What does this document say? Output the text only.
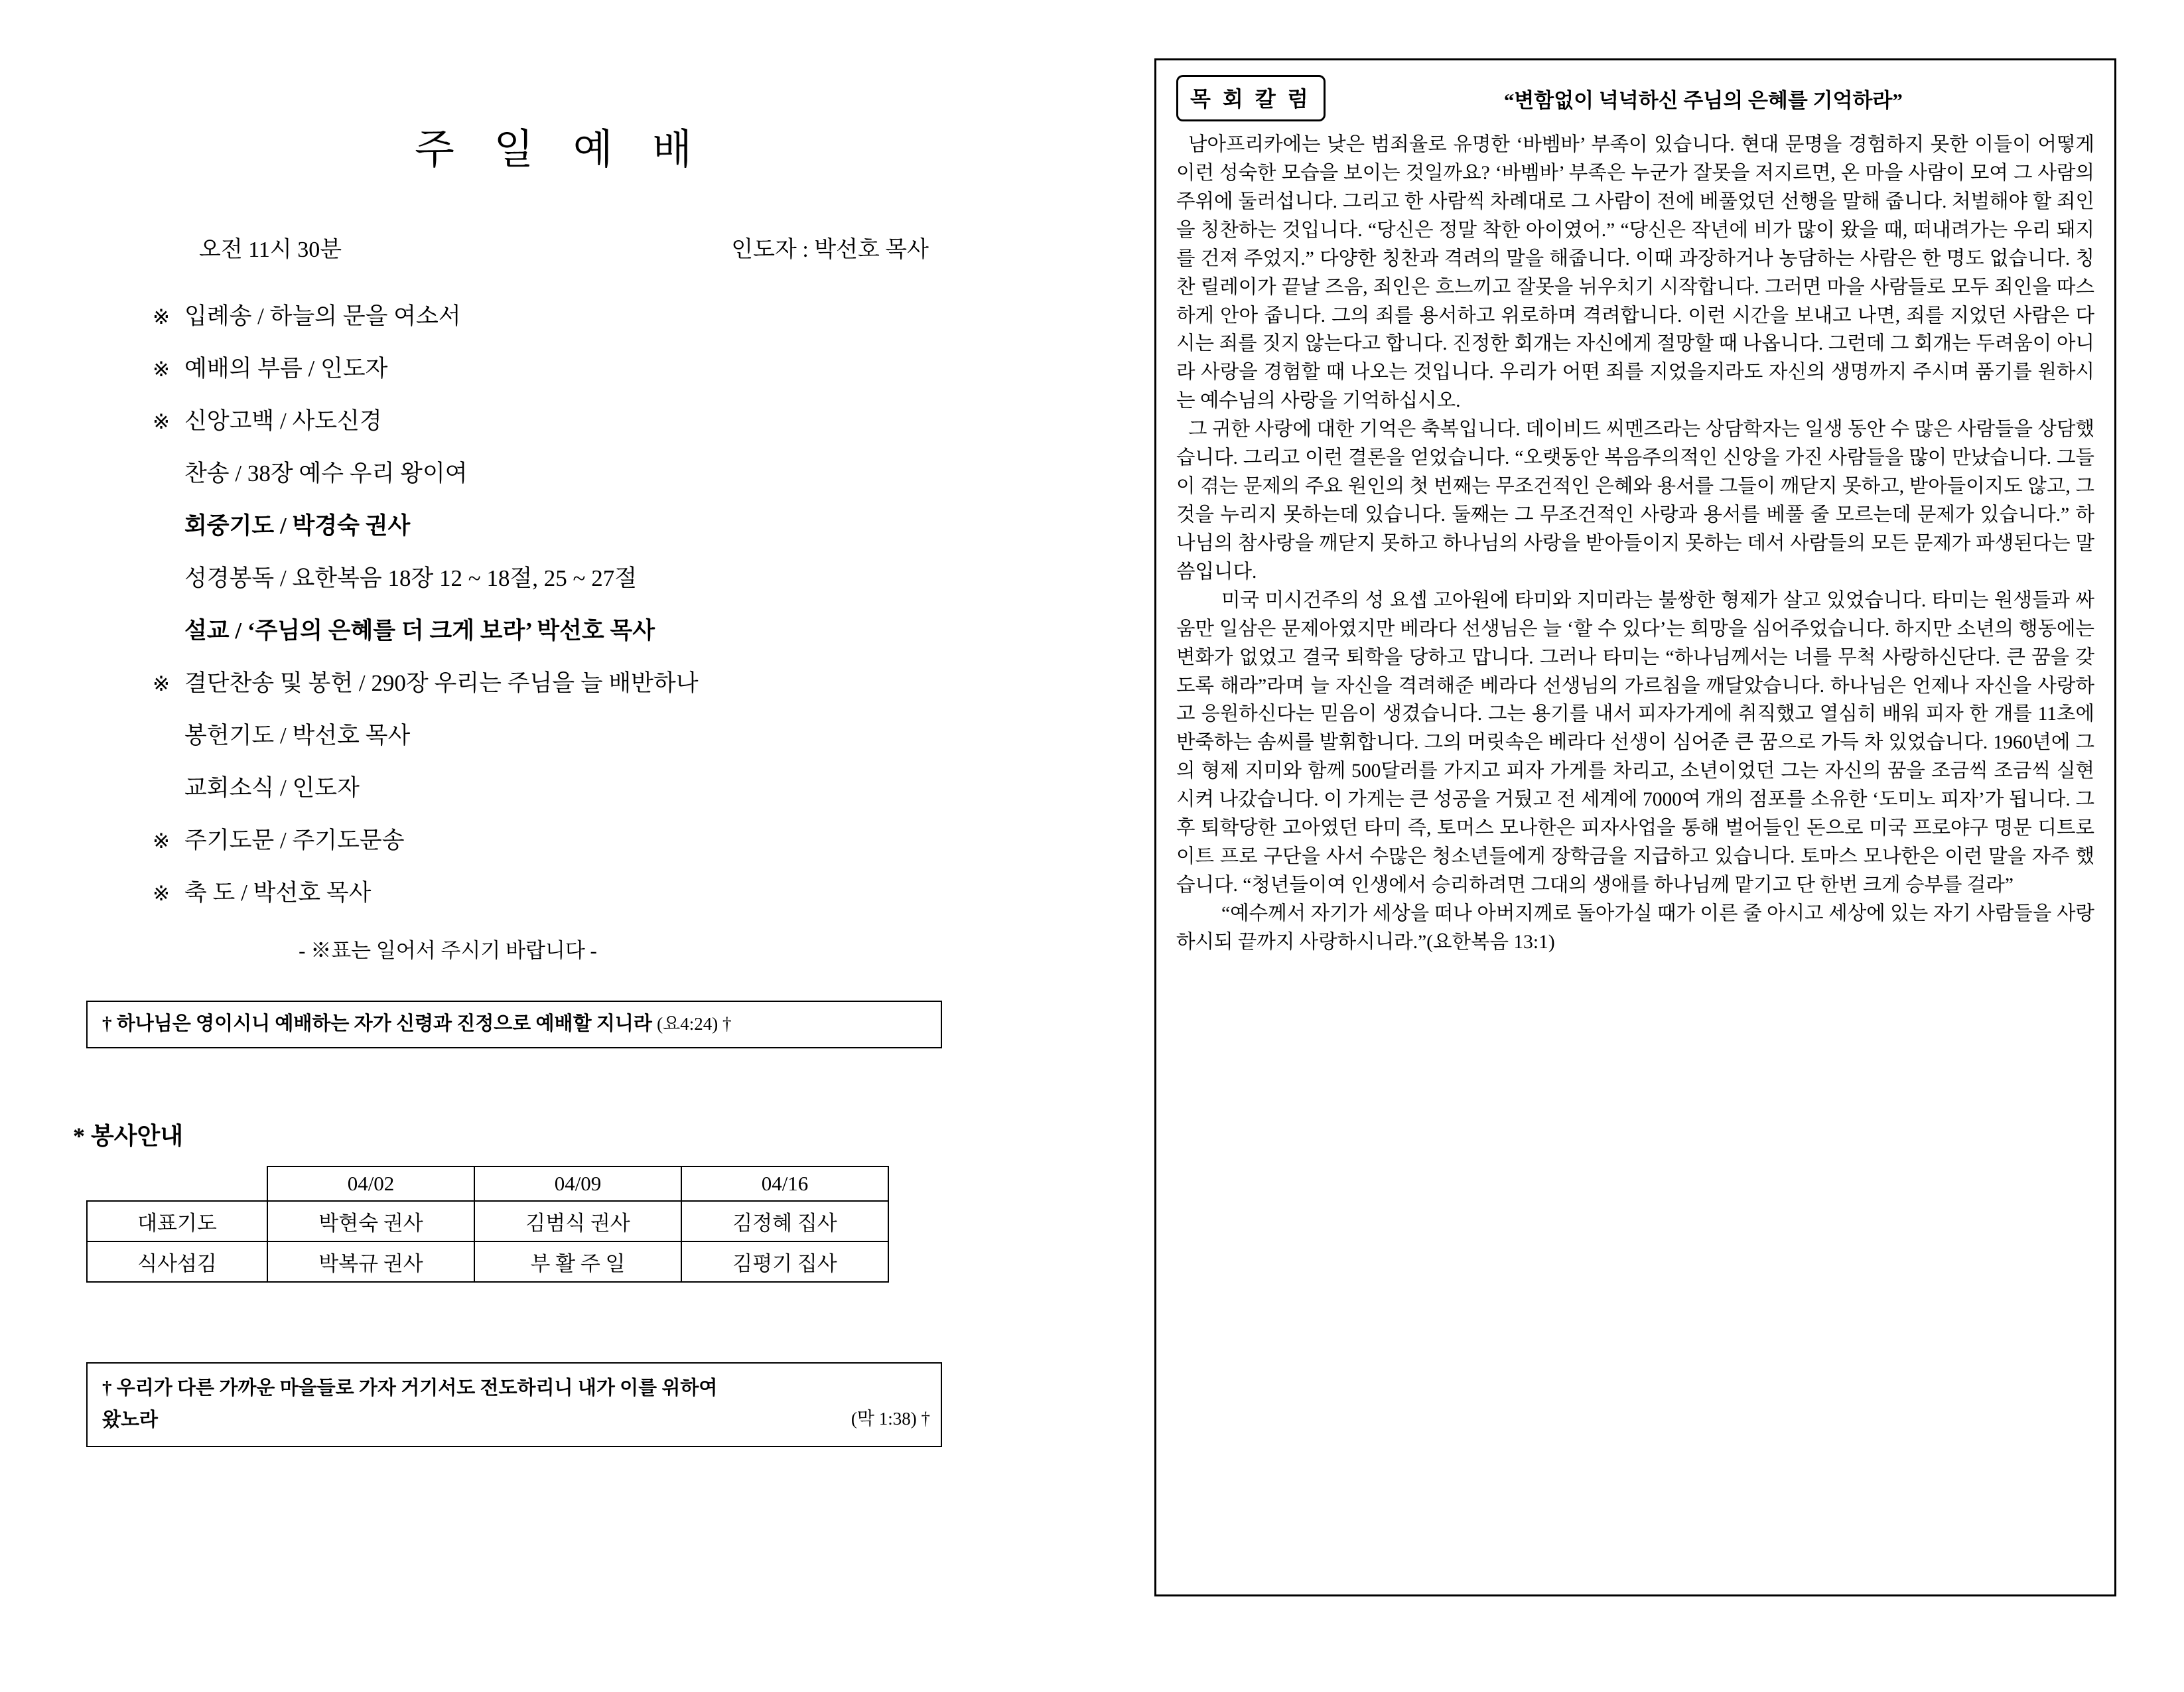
주 일 예 배
오전 11시 30분	인도자 : 박선호 목사
※ 입례송 / 하늘의 문을 여소서
※ 예배의 부름 / 인도자
※ 신앙고백 / 사도신경
찬송 / 38장 예수 우리 왕이여
회중기도 / 박경숙 권사
성경봉독 / 요한복음 18장 12 ~ 18절, 25 ~ 27절
설교 / ‘주님의 은혜를 더 크게 보라’ 박선호 목사
※ 결단찬송 및 봉헌 / 290장 우리는 주님을 늘 배반하나
봉헌기도 / 박선호 목사
교회소식 / 인도자
※ 주기도문 / 주기도문송
※ 축 도 / 박선호 목사
- ※표는 일어서 주시기 바랍니다 -
† 하나님은 영이시니 예배하는 자가 신령과 진정으로 예배할 지니라 (요4:24) †
* 봉사안내
	04/02	04/09	04/16
대표기도	박현숙 권사	김범식 권사	김정혜 집사
식사섬김	박복규 권사	부 활 주 일	김평기 집사
† 우리가 다른 가까운 마을들로 가자 거기서도 전도하리니 내가 이를 위하여
왔노라	(막 1:38) †
목 회 칼 럼	“변함없이 넉넉하신 주님의 은혜를 기억하라”

남아프리카에는 낮은 범죄율로 유명한 ‘바벰바’ 부족이 있습니다. 현대 문명을 경험하지 못한 이들이 어떻게 이런 성숙한 모습을 보이는 것일까요? ‘바벰바’ 부족은 누군가 잘못을 저지르면, 온 마을 사람이 모여 그 사람의 주위에 둘러섭니다. 그리고 한 사람씩 차례대로 그 사람이 전에 베풀었던 선행을 말해 줍니다. 처벌해야 할 죄인을 칭찬하는 것입니다. “당신은 정말 착한 아이였어.” “당신은 작년에 비가 많이 왔을 때, 떠내려가는 우리 돼지를 건져 주었지.” 다양한 칭찬과 격려의 말을 해줍니다. 이때 과장하거나 농담하는 사람은 한 명도 없습니다. 칭찬 릴레이가 끝날 즈음, 죄인은 흐느끼고 잘못을 뉘우치기 시작합니다. 그러면 마을 사람들로 모두 죄인을 따스하게 안아 줍니다. 그의 죄를 용서하고 위로하며 격려합니다. 이런 시간을 보내고 나면, 죄를 지었던 사람은 다시는 죄를 짓지 않는다고 합니다. 진정한 회개는 자신에게 절망할 때 나옵니다. 그런데 그 회개는 두려움이 아니라 사랑을 경험할 때 나오는 것입니다. 우리가 어떤 죄를 지었을지라도 자신의 생명까지 주시며 품기를 원하시는 예수님의 사랑을 기억하십시오.

그 귀한 사랑에 대한 기억은 축복입니다. 데이비드 씨멘즈라는 상담학자는 일생 동안 수 많은 사람들을 상담했습니다. 그리고 이런 결론을 얻었습니다. “오랫동안 복음주의적인 신앙을 가진 사람들을 많이 만났습니다. 그들이 겪는 문제의 주요 원인의 첫 번째는 무조건적인 은혜와 용서를 그들이 깨닫지 못하고, 받아들이지도 않고, 그것을 누리지 못하는데 있습니다. 둘째는 그 무조건적인 사랑과 용서를 베풀 줄 모르는데 문제가 있습니다.” 하나님의 참사랑을 깨닫지 못하고 하나님의 사랑을 받아들이지 못하는 데서 사람들의 모든 문제가 파생된다는 말씀입니다.

미국 미시건주의 성 요셉 고아원에 타미와 지미라는 불쌍한 형제가 살고 있었습니다. 타미는 원생들과 싸움만 일삼은 문제아였지만 베라다 선생님은 늘 ‘할 수 있다’는 희망을 심어주었습니다. 하지만 소년의 행동에는 변화가 없었고 결국 퇴학을 당하고 맙니다. 그러나 타미는 “하나님께서는 너를 무척 사랑하신단다. 큰 꿈을 갖도록 해라”라며 늘 자신을 격려해준 베라다 선생님의 가르침을 깨달았습니다. 하나님은 언제나 자신을 사랑하고 응원하신다는 믿음이 생겼습니다. 그는 용기를 내서 피자가게에 취직했고 열심히 배워 피자 한 개를 11초에 반죽하는 솜씨를 발휘합니다. 그의 머릿속은 베라다 선생이 심어준 큰 꿈으로 가득 차 있었습니다. 1960년에 그의 형제 지미와 함께 500달러를 가지고 피자 가게를 차리고, 소년이었던 그는 자신의 꿈을 조금씩 조금씩 실현시켜 나갔습니다. 이 가게는 큰 성공을 거뒀고 전 세계에 7000여 개의 점포를 소유한 ‘도미노 피자’가 됩니다. 그 후 퇴학당한 고아였던 타미 즉, 토머스 모나한은 피자사업을 통해 벌어들인 돈으로 미국 프로야구 명문 디트로이트 프로 구단을 사서 수많은 청소년들에게 장학금을 지급하고 있습니다. 토마스 모나한은 이런 말을 자주 했습니다. “청년들이여 인생에서 승리하려면 그대의 생애를 하나님께 맡기고 단 한번 크게 승부를 걸라”

“예수께서 자기가 세상을 떠나 아버지께로 돌아가실 때가 이른 줄 아시고 세상에 있는 자기 사람들을 사랑하시되 끝까지 사랑하시니라.”(요한복음 13:1)
